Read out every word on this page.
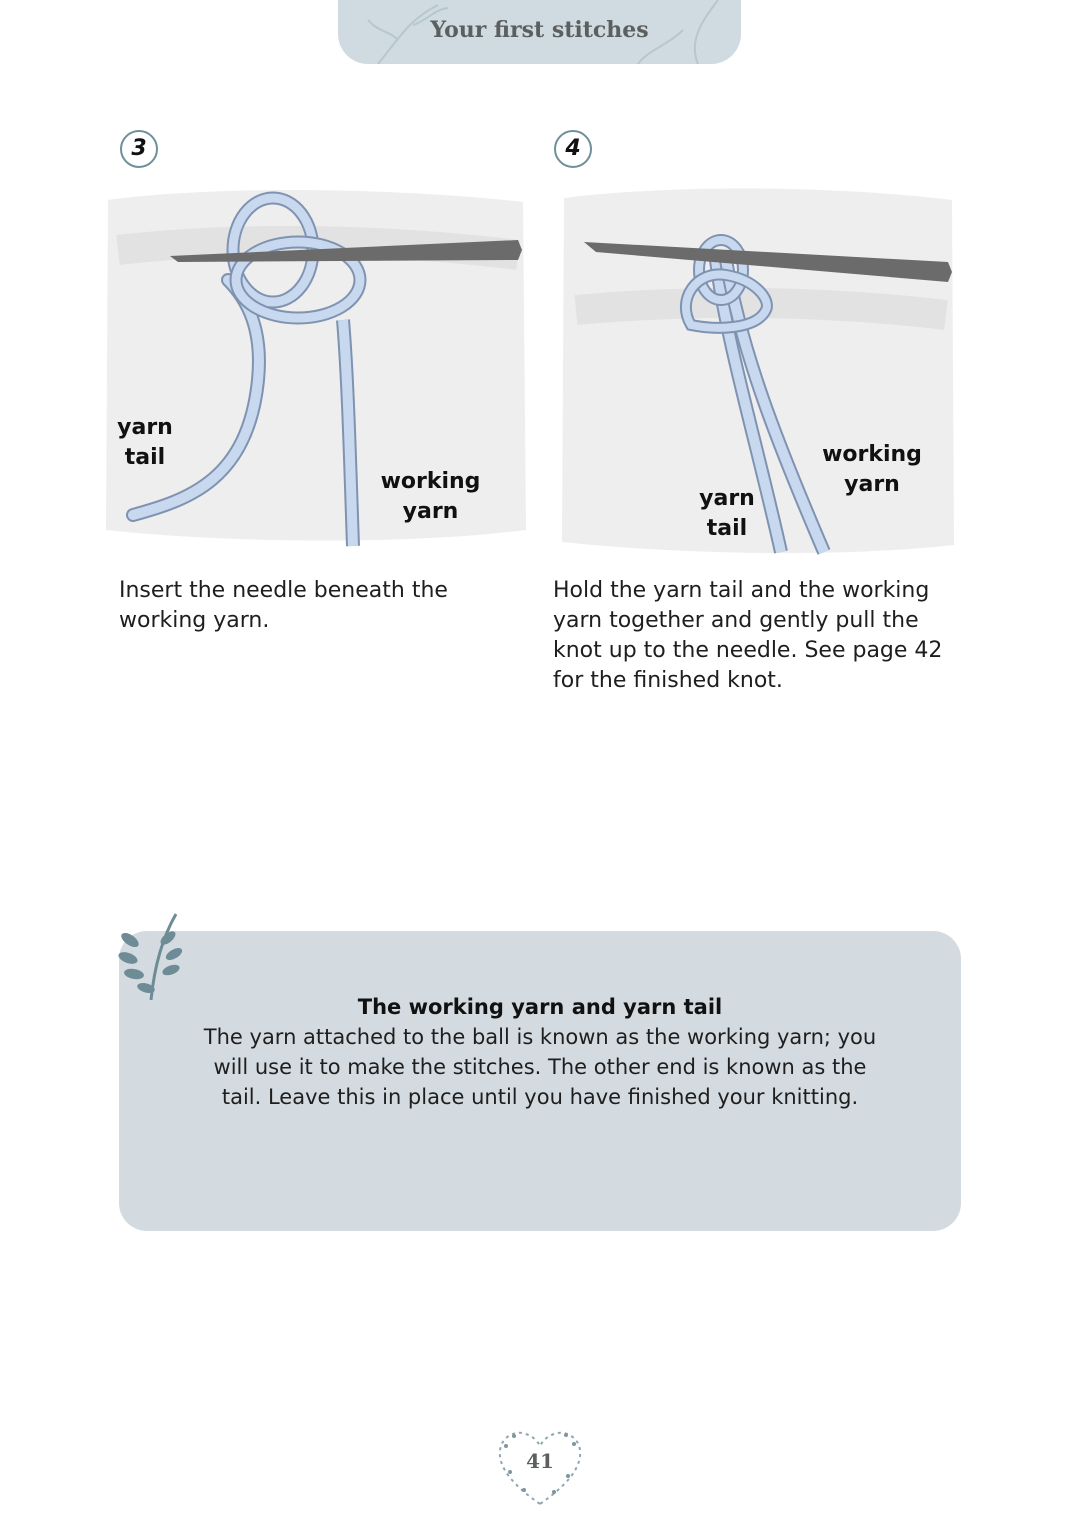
Your first stitches
3
yarn
tail
working
yarn
Insert the needle beneath the
working yarn.
4
working
yarn
yarn
tail
Hold the yarn tail and the working
yarn together and gently pull the
knot up to the needle. See page 42
for the finished knot.
The working yarn and yarn tail
The yarn attached to the ball is known as the working yarn; you
will use it to make the stitches. The other end is known as the
tail. Leave this in place until you have finished your knitting.
41
